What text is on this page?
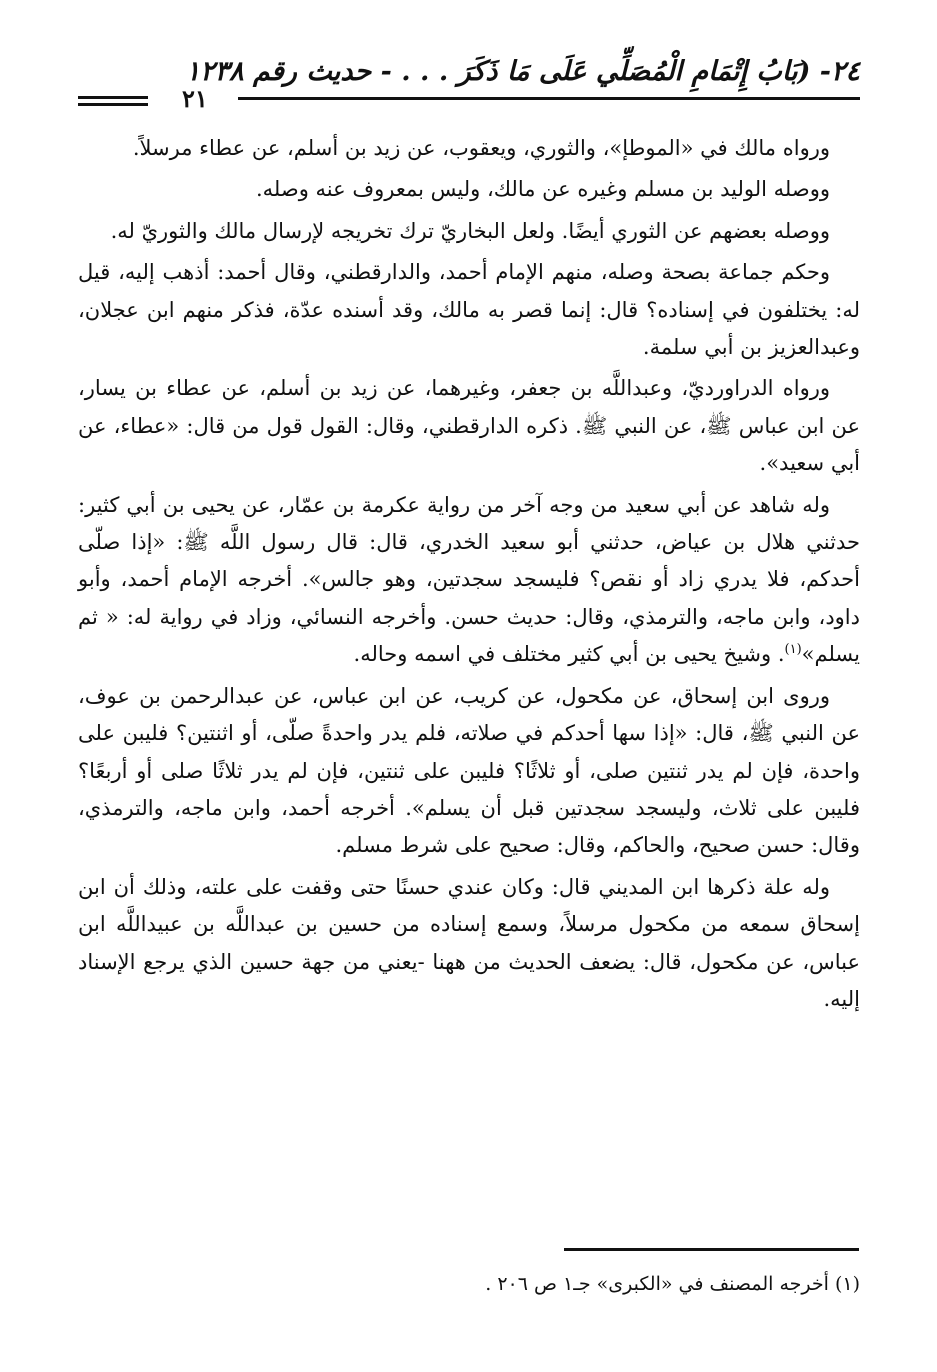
٢٤- (بَابُ إِتْمَامِ الْمُصَلِّي عَلَى مَا ذَكَرَ . . . - حديث رقم ١٢٣٨
٢١

ورواه مالك في «الموطإ»، والثوري، ويعقوب، عن زيد بن أسلم، عن عطاء مرسلاً.

ووصله الوليد بن مسلم وغيره عن مالك، وليس بمعروف عنه وصله.

ووصله بعضهم عن الثوري أيضًا. ولعل البخاريّ ترك تخريجه لإرسال مالك والثوريّ له.

وحكم جماعة بصحة وصله، منهم الإمام أحمد، والدارقطني، وقال أحمد: أذهب إليه، قيل له: يختلفون في إسناده؟ قال: إنما قصر به مالك، وقد أسنده عدّة، فذكر منهم ابن عجلان، وعبدالعزيز بن أبي سلمة.

ورواه الدراورديّ، وعبداللَّه بن جعفر، وغيرهما، عن زيد بن أسلم، عن عطاء بن يسار، عن ابن عباس ﷺ، عن النبي ﷺ. ذكره الدارقطني، وقال: القول قول من قال: «عطاء، عن أبي سعيد».

وله شاهد عن أبي سعيد من وجه آخر من رواية عكرمة بن عمّار، عن يحيى بن أبي كثير: حدثني هلال بن عياض، حدثني أبو سعيد الخدري، قال: قال رسول اللَّه ﷺ: «إذا صلّى أحدكم، فلا يدري زاد أو نقص؟ فليسجد سجدتين، وهو جالس». أخرجه الإمام أحمد، وأبو داود، وابن ماجه، والترمذي، وقال: حديث حسن. وأخرجه النسائي، وزاد في رواية له: « ثم يسلم»$^{(١)}$. وشيخ يحيى بن أبي كثير مختلف في اسمه وحاله.

وروى ابن إسحاق، عن مكحول، عن كريب، عن ابن عباس، عن عبدالرحمن بن عوف، عن النبي ﷺ، قال: «إذا سها أحدكم في صلاته، فلم يدر واحدةً صلّى، أو اثنتين؟ فليبن على واحدة، فإن لم يدر ثنتين صلى، أو ثلاثًا؟ فليبن على ثنتين، فإن لم يدر ثلاثًا صلى أو أربعًا؟ فليبن على ثلاث، وليسجد سجدتين قبل أن يسلم». أخرجه أحمد، وابن ماجه، والترمذي، وقال: حسن صحيح، والحاكم، وقال: صحيح على شرط مسلم.

وله علة ذكرها ابن المديني قال: وكان عندي حسنًا حتى وقفت على علته، وذلك أن ابن إسحاق سمعه من مكحول مرسلاً، وسمع إسناده من حسين بن عبداللَّه بن عبيداللَّه ابن عباس، عن مكحول، قال: يضعف الحديث من ههنا -يعني من جهة حسين الذي يرجع الإسناد إليه.

(١) أخرجه المصنف في «الكبرى» جـ١ ص ٢٠٦ .
